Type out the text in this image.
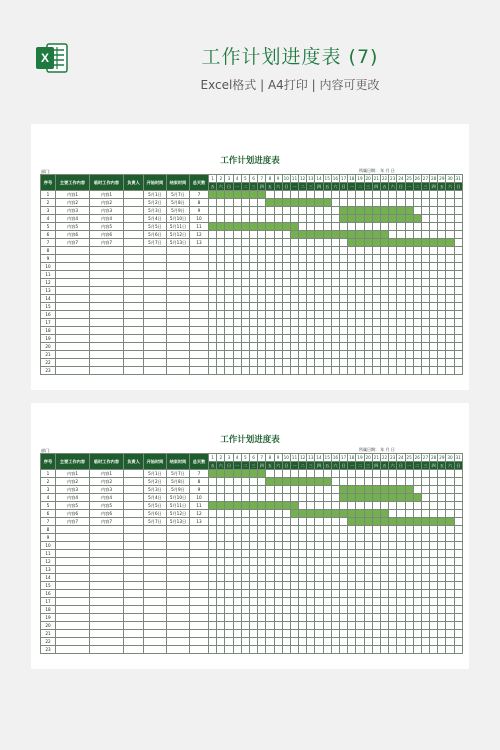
X	工作计划进度表 (7)
Excel格式 | A4打印 | 内容可更改
工作计划进度表
部门：	所属日期： 年 月 日
序号	主要工作内容	临时工作内容	负责人	开始时间	结束时间	总天数	1	2	3	4	5	6	7	8	9	10	11	12	13	14	15	16	17	18	19	20	21	22	23	24	25	26	27	28	29	30	31
							五	六	日	一	二	三	四	五	六	日	一	二	三	四	五	六	日	一	二	三	四	五	六	日	一	二	三	四	五	六	日
1	内容1	内容1		5月1日	5月7日	7																															
2	内容2	内容2		5月2日	5月8日	8																															
3	内容3	内容3		5月3日	5月9日	9																															
4	内容4	内容4		5月4日	5月10日	10																															
5	内容5	内容5		5月5日	5月11日	11																															
6	内容6	内容6		5月6日	5月12日	12																															
7	内容7	内容7		5月7日	5月13日	13																															
8																																					
9																																					
10																																					
11																																					
12																																					
13																																					
14																																					
15																																					
16																																					
17																																					
18																																					
19																																					
20																																					
21																																					
22																																					
23																																					
工作计划进度表
部门：	所属日期： 年 月 日
序号	主要工作内容	临时工作内容	负责人	开始时间	结束时间	总天数	1	2	3	4	5	6	7	8	9	10	11	12	13	14	15	16	17	18	19	20	21	22	23	24	25	26	27	28	29	30	31
							五	六	日	一	二	三	四	五	六	日	一	二	三	四	五	六	日	一	二	三	四	五	六	日	一	二	三	四	五	六	日
1	内容1	内容1		5月1日	5月7日	7																															
2	内容2	内容2		5月2日	5月8日	8																															
3	内容3	内容3		5月3日	5月9日	9																															
4	内容4	内容4		5月4日	5月10日	10																															
5	内容5	内容5		5月5日	5月11日	11																															
6	内容6	内容6		5月6日	5月12日	12																															
7	内容7	内容7		5月7日	5月13日	13																															
8																																					
9																																					
10																																					
11																																					
12																																					
13																																					
14																																					
15																																					
16																																					
17																																					
18																																					
19																																					
20																																					
21																																					
22																																					
23																																					
